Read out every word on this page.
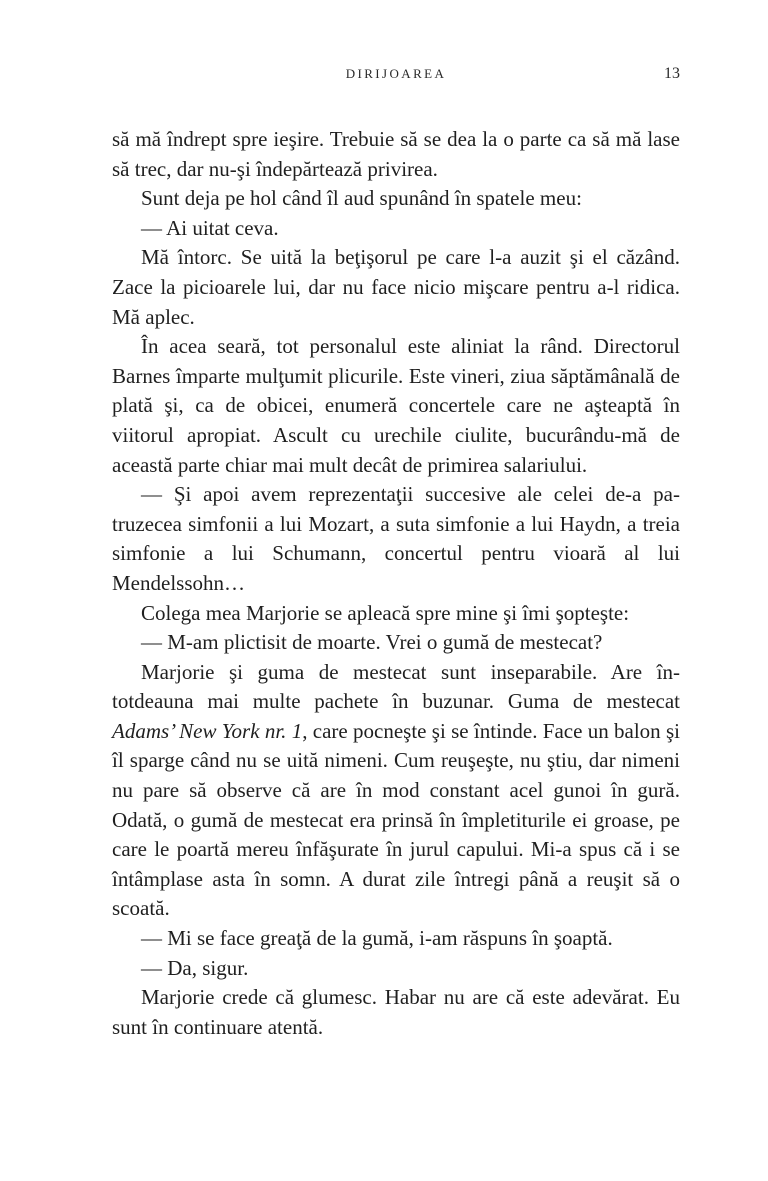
DIRIJOAREA	13

să mă îndrept spre ieşire. Trebuie să se dea la o parte ca să mă lase să trec, dar nu-şi îndepărtează privirea.

Sunt deja pe hol când îl aud spunând în spatele meu:

— Ai uitat ceva.

Mă întorc. Se uită la beţişorul pe care l-a auzit şi el căzând. Zace la picioarele lui, dar nu face nicio mişcare pentru a-l ridica. Mă aplec.

În acea seară, tot personalul este aliniat la rând. Directorul Barnes împarte mulţumit plicurile. Este vineri, ziua săptămânală de plată şi, ca de obicei, enumeră concertele care ne aşteaptă în viitorul apropiat. Ascult cu urechile ciulite, bucurându-mă de această parte chiar mai mult decât de primirea salariului.

— Şi apoi avem reprezentaţii succesive ale celei de-a patruzecea simfonii a lui Mozart, a suta simfonie a lui Haydn, a treia simfonie a lui Schumann, concertul pentru vioară al lui Mendelssohn…

Colega mea Marjorie se apleacă spre mine şi îmi şopteşte:

— M-am plictisit de moarte. Vrei o gumă de mestecat?

Marjorie şi guma de mestecat sunt inseparabile. Are întotdeauna mai multe pachete în buzunar. Guma de mestecat Adams’ New York nr. 1, care pocneşte şi se întinde. Face un balon şi îl sparge când nu se uită nimeni. Cum reuşeşte, nu ştiu, dar nimeni nu pare să observe că are în mod constant acel gunoi în gură. Odată, o gumă de mestecat era prinsă în împletiturile ei groase, pe care le poartă mereu înfăşurate în jurul capului. Mi-a spus că i se întâmplase asta în somn. A durat zile întregi până a reuşit să o scoată.

— Mi se face greaţă de la gumă, i-am răspuns în şoaptă.

— Da, sigur.

Marjorie crede că glumesc. Habar nu are că este adevărat. Eu sunt în continuare atentă.
